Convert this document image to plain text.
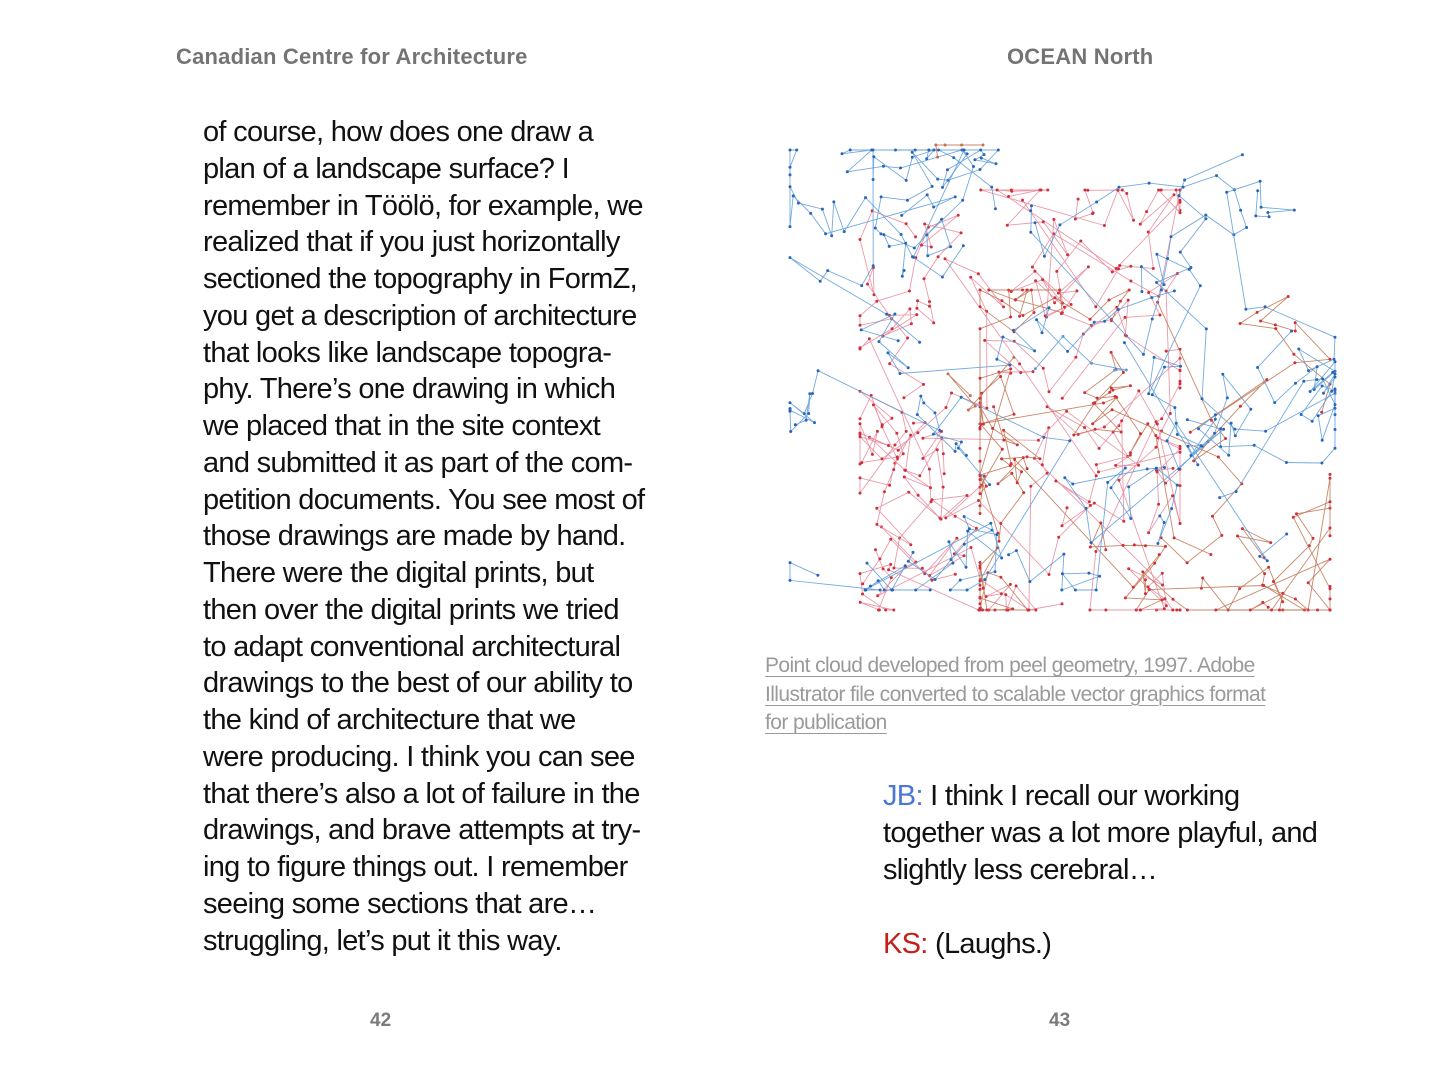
Canadian Centre for Architecture	OCEAN North
of course, how does one draw a
plan of a landscape surface? I
remember in Töölö, for example, we
realized that if you just horizontally
sectioned the topography in FormZ,
you get a description of architecture
that looks like landscape topogra-
phy. There’s one drawing in which
we placed that in the site context
and submitted it as part of the com-
petition documents. You see most of
those drawings are made by hand.
There were the digital prints, but
then over the digital prints we tried
to adapt conventional architectural
drawings to the best of our ability to
the kind of architecture that we
were producing. I think you can see
that there’s also a lot of failure in the
drawings, and brave attempts at try-
ing to figure things out. I remember
seeing some sections that are…
struggling, let’s put it this way.
Point cloud developed from peel geometry, 1997. Adobe
Illustrator file converted to scalable vector graphics format
for publication
JB: I think I recall our working
together was a lot more playful, and
slightly less cerebral…
KS: (Laughs.)
42	43
